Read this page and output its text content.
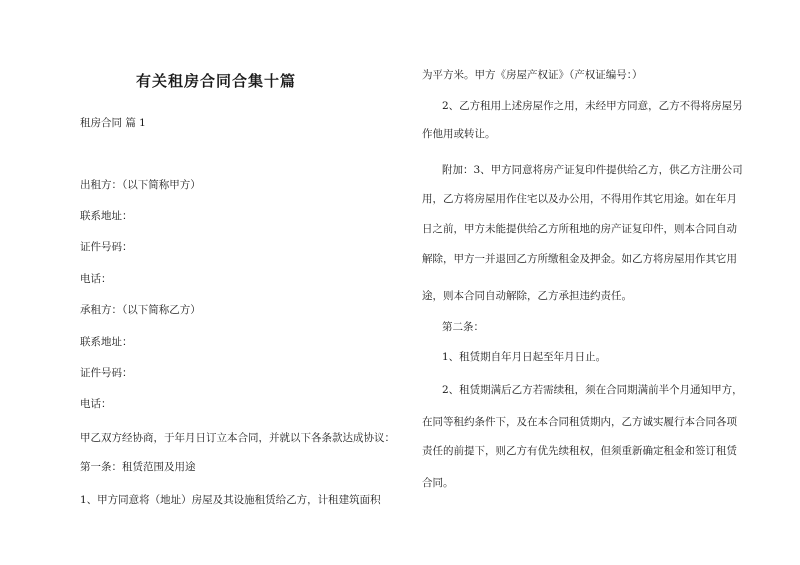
有关租房合同合集十篇
租房合同 篇 1
出租方：（以下简称甲方）
联系地址：
证件号码：
电话：
承租方：（以下简称乙方）
联系地址：
证件号码：
电话：
甲乙双方经协商，于年月日订立本合同，并就以下各条款达成协议：
第一条：租赁范围及用途
1、甲方同意将（地址）房屋及其设施租赁给乙方，计租建筑面积
为平方米。甲方《房屋产权证》（产权证编号：）
2、乙方租用上述房屋作之用，未经甲方同意，乙方不得将房屋另
作他用或转让。
附加：3、甲方同意将房产证复印件提供给乙方，供乙方注册公司
用，乙方将房屋用作住宅以及办公用，不得用作其它用途。如在年月
日之前，甲方未能提供给乙方所租地的房产证复印件，则本合同自动
解除，甲方一并退回乙方所缴租金及押金。如乙方将房屋用作其它用
途，则本合同自动解除，乙方承担违约责任。
第二条：
1、租赁期自年月日起至年月日止。
2、租赁期满后乙方若需续租，须在合同期满前半个月通知甲方，
在同等租约条件下，及在本合同租赁期内，乙方诚实履行本合同各项
责任的前提下，则乙方有优先续租权，但须重新确定租金和签订租赁
合同。
